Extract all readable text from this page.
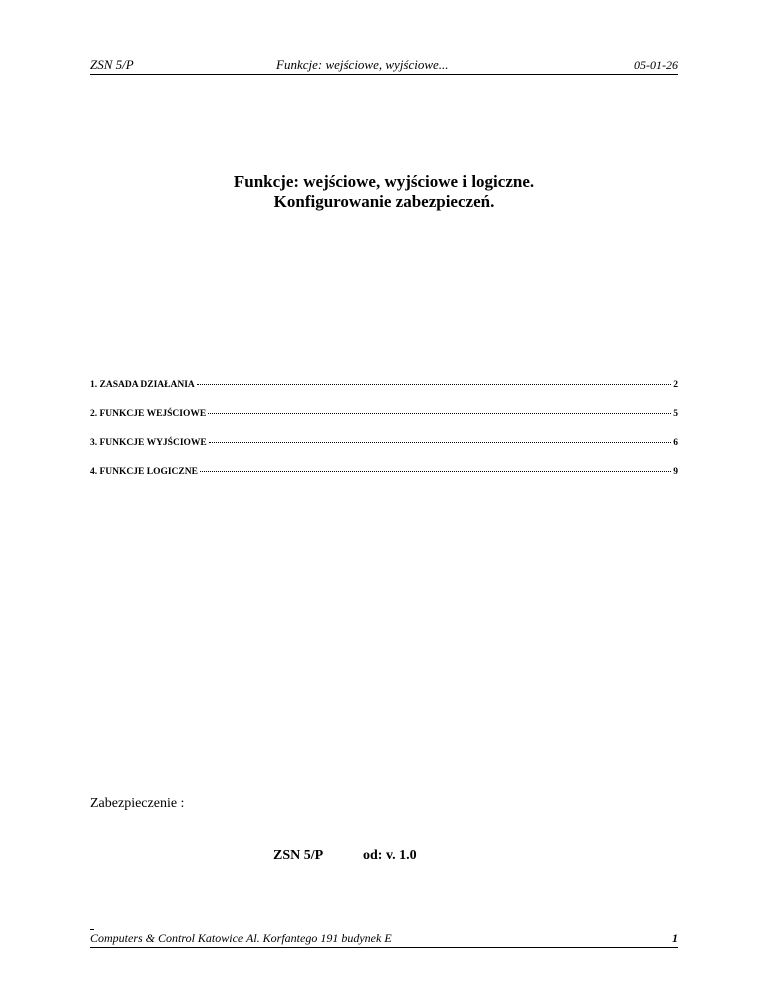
ZSN 5/P	Funkcje: wejściowe, wyjściowe...	05-01-26
Funkcje: wejściowe, wyjściowe i logiczne.
Konfigurowanie zabezpieczeń.
1. ZASADA DZIAŁANIA	2
2. FUNKCJE WEJŚCIOWE	5
3. FUNKCJE WYJŚCIOWE	6
4. FUNKCJE LOGICZNE	9
Zabezpieczenie :
ZSN 5/P	od: v. 1.0
Computers & Control Katowice Al. Korfantego 191 budynek E	1
